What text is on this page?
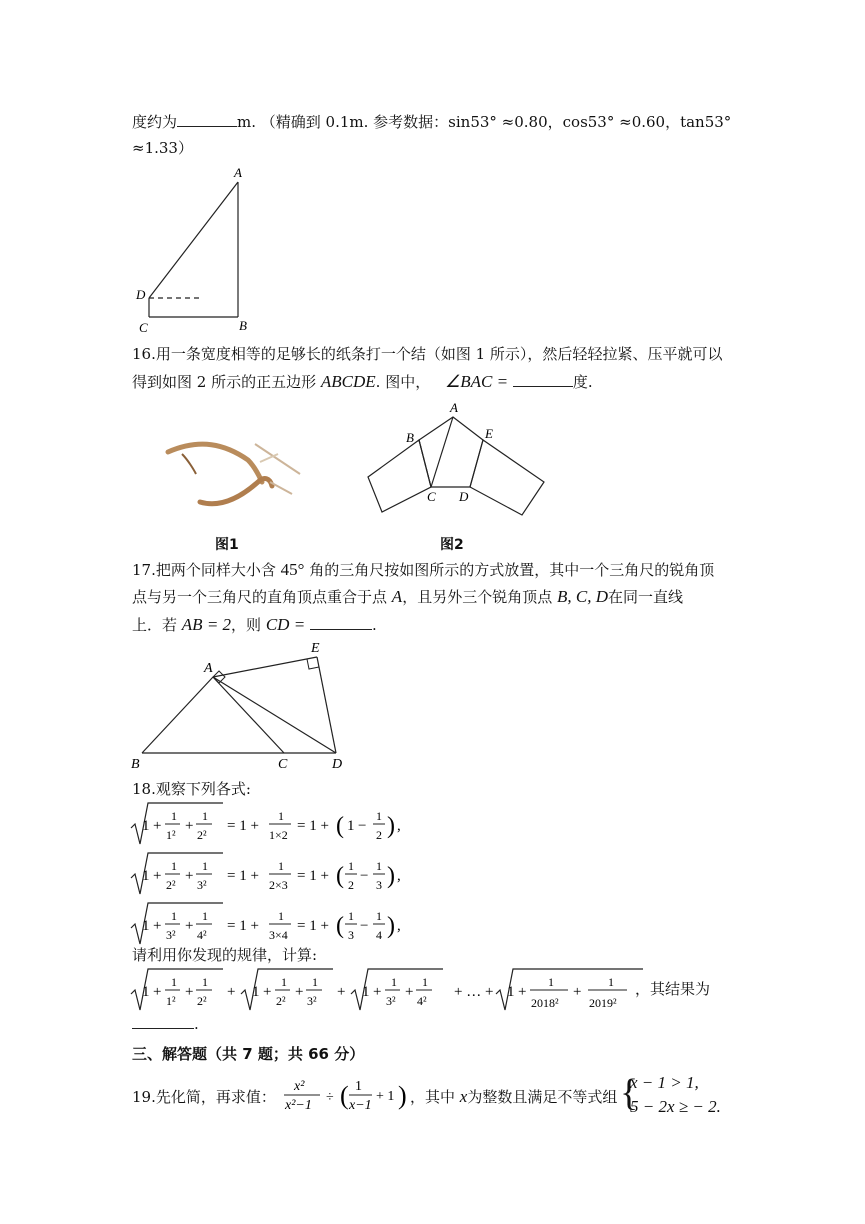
度约为	m. （精确到 0.1m. 参考数据：sin53° ≈0.80，cos53° ≈0.60，tan53°
≈1.33）
A
D
C	B
16.用一条宽度相等的足够长的纸条打一个结（如图 1 所示），然后轻轻拉紧、压平就可以
得到如图 2 所示的正五边形 ABCDE. 图中， ∠BAC =	度.
图1
A
B
C D
E
图2
17.把两个同样大小含 45° 角的三角尺按如图所示的方式放置，其中一个三角尺的锐角顶
点与另一个三角尺的直角顶点重合于点 A，且另外三个锐角顶点 B, C, D在同一直线
上．若 AB = 2，则 CD =	.
A
B	C	D
E
18.观察下列各式:
1 +
1
1²
+
1
2²
= 1 +
1
1×2
= 1 + ( 1 −
1
2 ) ,
1 +
1
2²
+
1
3²
= 1 +
1
2×3
= 1 + ( 1
2
−
1
3 ) ,
1 +
1
3²
+
1
4²
= 1 +
1
3×4
= 1 + ( 1
3
−
1
4 ) ,
请利用你发现的规律，计算:
1 +
1
1²
+
1
2²
+ 1 +
1
2²
+
1
3²
+ 1 +
1
3²
+
1
4²
+ … + 1 +
1
2018²
+
1
2019²
，其结果为
.
三、解答题（共 7 题；共 66 分）
19.先化简，再求值：
x²
x²−1
÷ ( 1
x−1
+ 1 ) ，其中 x为整数且满足不等式组 {
x − 1 > 1,
5 − 2x ≥ − 2.
